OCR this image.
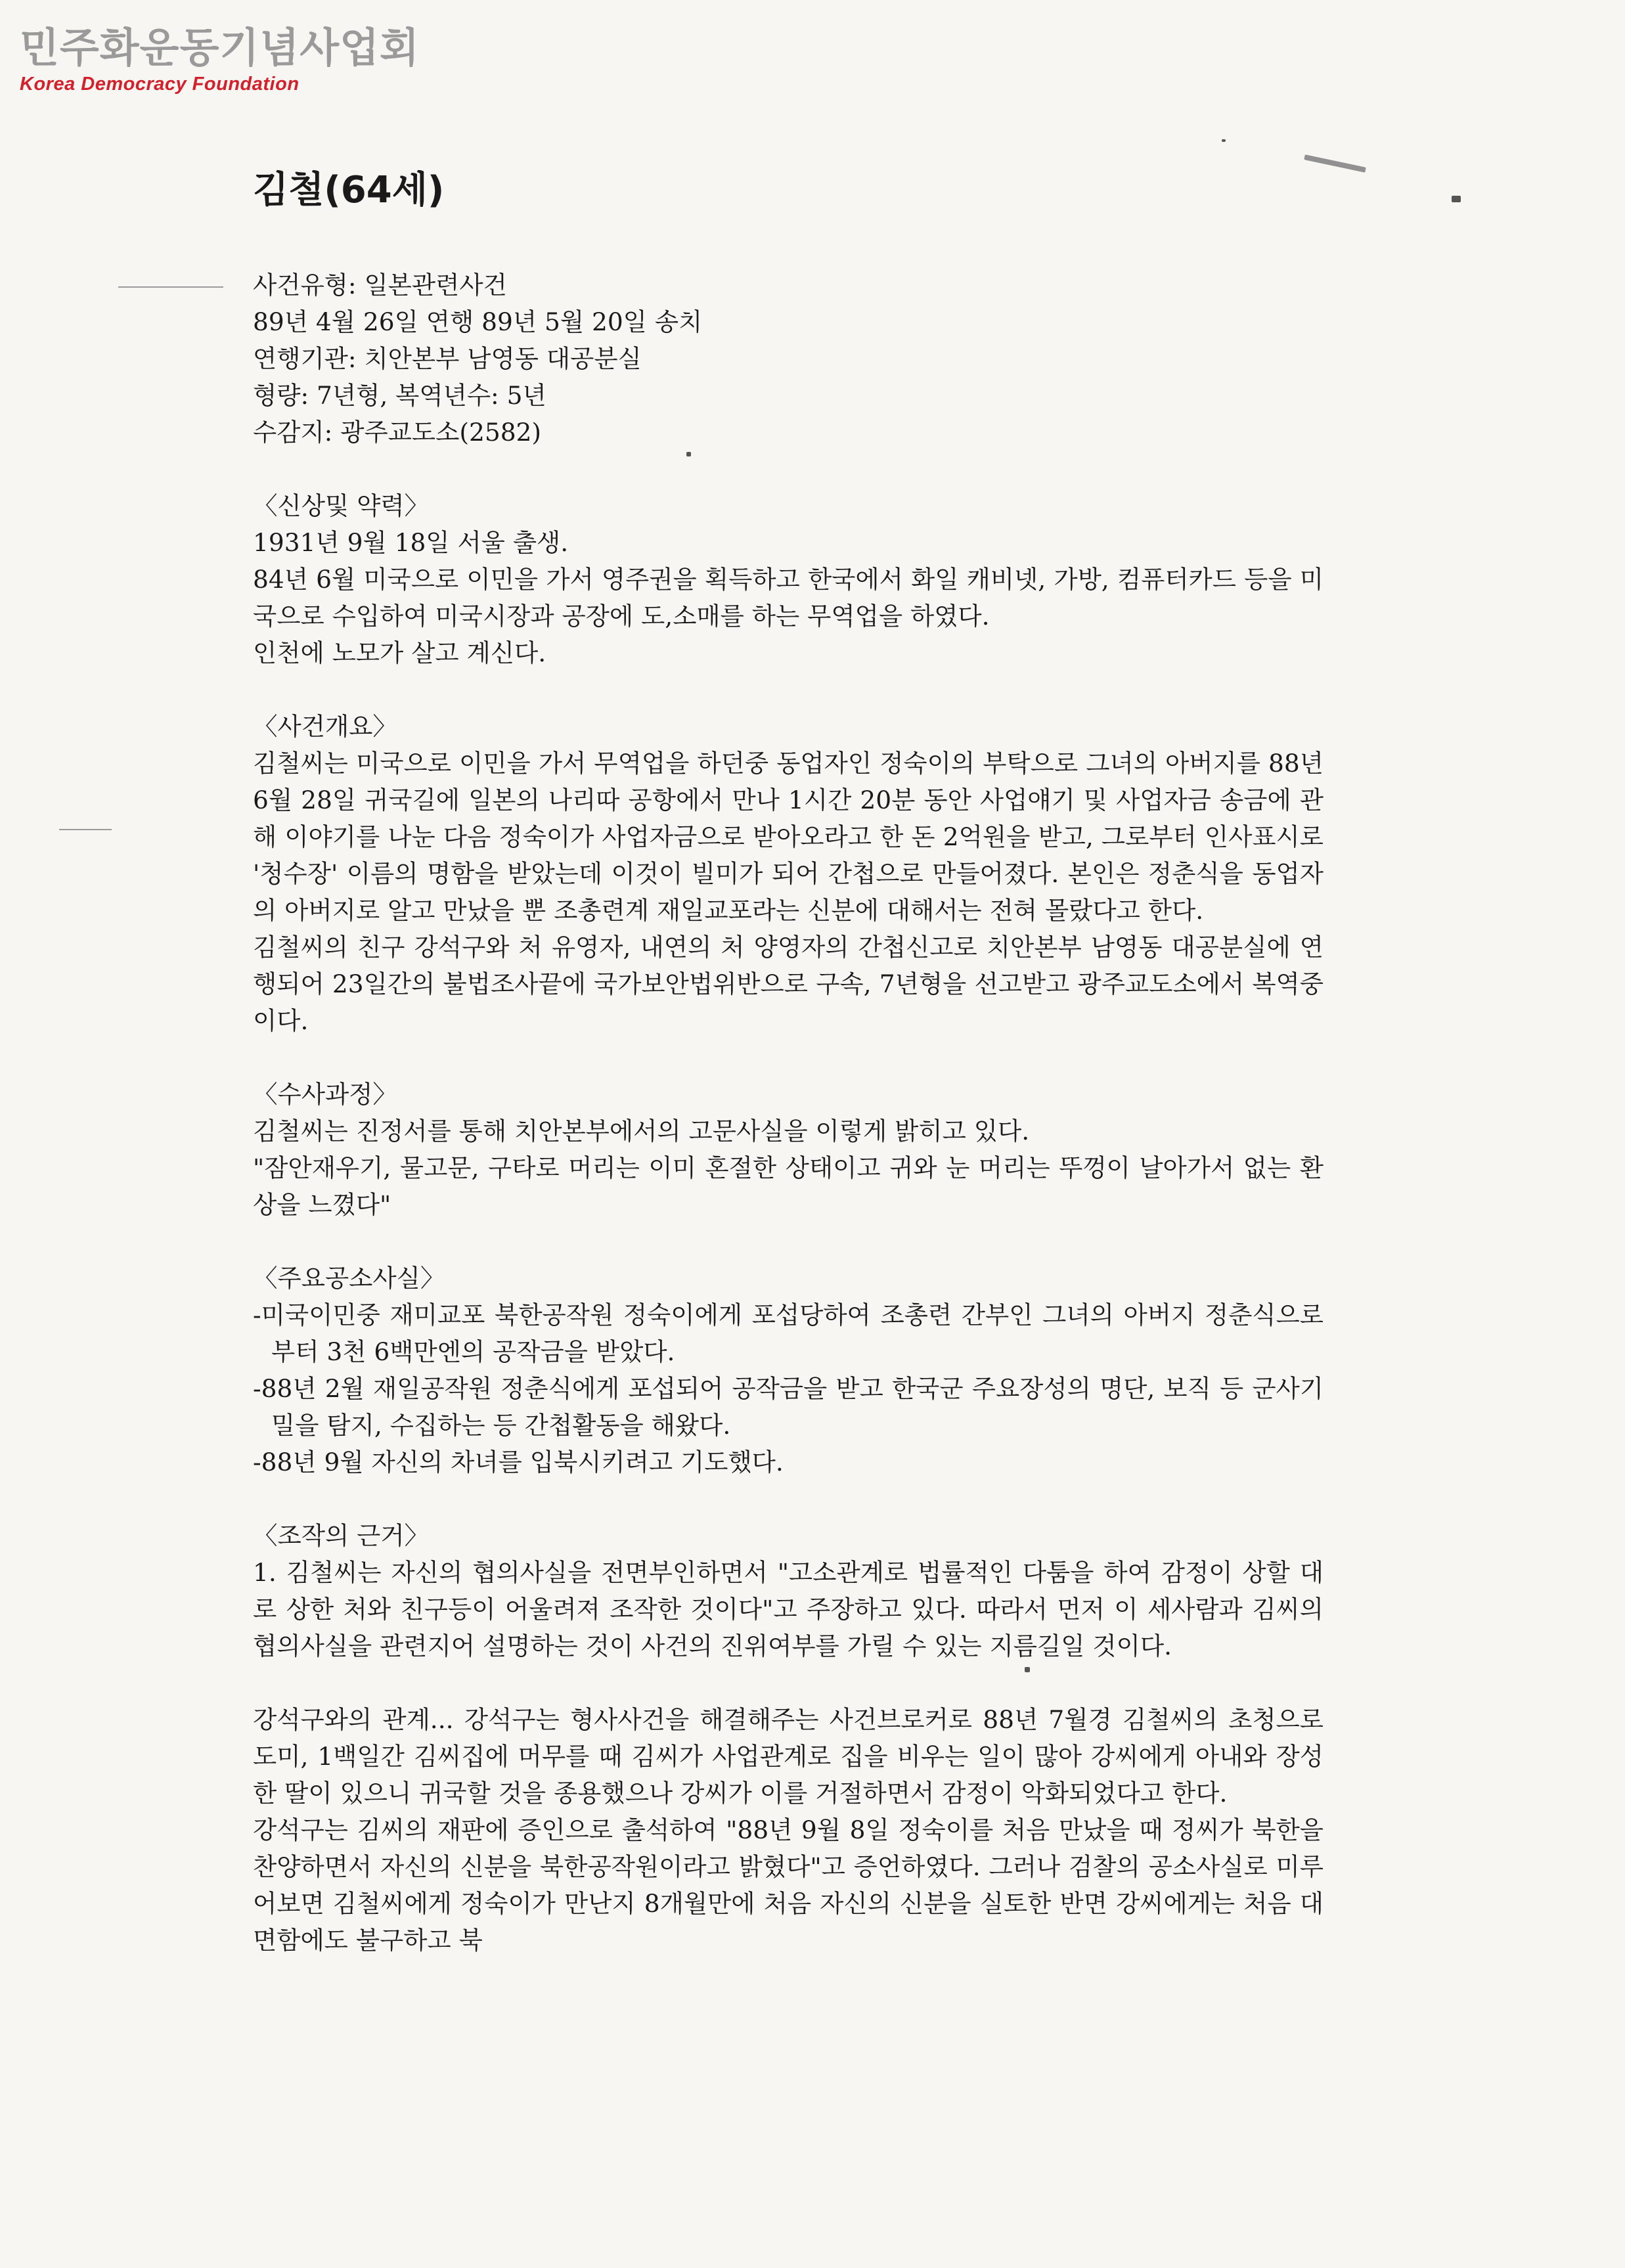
민주화운동기념사업회
Korea Democracy Foundation
김철(64세)
사건유형: 일본관련사건
89년 4월 26일 연행 89년 5월 20일 송치
연행기관: 치안본부 남영동 대공분실
형량: 7년형, 복역년수: 5년
수감지: 광주교도소(2582)
〈신상및 약력〉
1931년 9월 18일 서울 출생.
84년 6월 미국으로 이민을 가서 영주권을 획득하고 한국에서 화일 캐비넷, 가방, 컴퓨터카드 등을 미국으로 수입하여 미국시장과 공장에 도,소매를 하는 무역업을 하였다.
인천에 노모가 살고 계신다.
〈사건개요〉
김철씨는 미국으로 이민을 가서 무역업을 하던중 동업자인 정숙이의 부탁으로 그녀의 아버지를 88년 6월 28일 귀국길에 일본의 나리따 공항에서 만나 1시간 20분 동안 사업얘기 및 사업자금 송금에 관해 이야기를 나눈 다음 정숙이가 사업자금으로 받아오라고 한 돈 2억원을 받고, 그로부터 인사표시로 '청수장' 이름의 명함을 받았는데 이것이 빌미가 되어 간첩으로 만들어졌다. 본인은 정춘식을 동업자의 아버지로 알고 만났을 뿐 조총련계 재일교포라는 신분에 대해서는 전혀 몰랐다고 한다.
김철씨의 친구 강석구와 처 유영자, 내연의 처 양영자의 간첩신고로 치안본부 남영동 대공분실에 연행되어 23일간의 불법조사끝에 국가보안법위반으로 구속, 7년형을 선고받고 광주교도소에서 복역중이다.
〈수사과정〉
김철씨는 진정서를 통해 치안본부에서의 고문사실을 이렇게 밝히고 있다.
"잠안재우기, 물고문, 구타로 머리는 이미 혼절한 상태이고 귀와 눈 머리는 뚜껑이 날아가서 없는 환상을 느꼈다"
〈주요공소사실〉
-미국이민중 재미교포 북한공작원 정숙이에게 포섭당하여 조총련 간부인 그녀의 아버지 정춘식으로부터 3천 6백만엔의 공작금을 받았다.
-88년 2월 재일공작원 정춘식에게 포섭되어 공작금을 받고 한국군 주요장성의 명단, 보직 등 군사기밀을 탐지, 수집하는 등 간첩활동을 해왔다.
-88년 9월 자신의 차녀를 입북시키려고 기도했다.
〈조작의 근거〉
1. 김철씨는 자신의 협의사실을 전면부인하면서 "고소관계로 법률적인 다툼을 하여 감정이 상할 대로 상한 처와 친구등이 어울려져 조작한 것이다"고 주장하고 있다. 따라서 먼저 이 세사람과 김씨의 협의사실을 관련지어 설명하는 것이 사건의 진위여부를 가릴 수 있는 지름길일 것이다.
강석구와의 관계... 강석구는 형사사건을 해결해주는 사건브로커로 88년 7월경 김철씨의 초청으로 도미, 1백일간 김씨집에 머무를 때 김씨가 사업관계로 집을 비우는 일이 많아 강씨에게 아내와 장성한 딸이 있으니 귀국할 것을 종용했으나 강씨가 이를 거절하면서 감정이 악화되었다고 한다.
강석구는 김씨의 재판에 증인으로 출석하여 "88년 9월 8일 정숙이를 처음 만났을 때 정씨가 북한을 찬양하면서 자신의 신분을 북한공작원이라고 밝혔다"고 증언하였다. 그러나 검찰의 공소사실로 미루어보면 김철씨에게 정숙이가 만난지 8개월만에 처음 자신의 신분을 실토한 반면 강씨에게는 처음 대면함에도 불구하고 북
